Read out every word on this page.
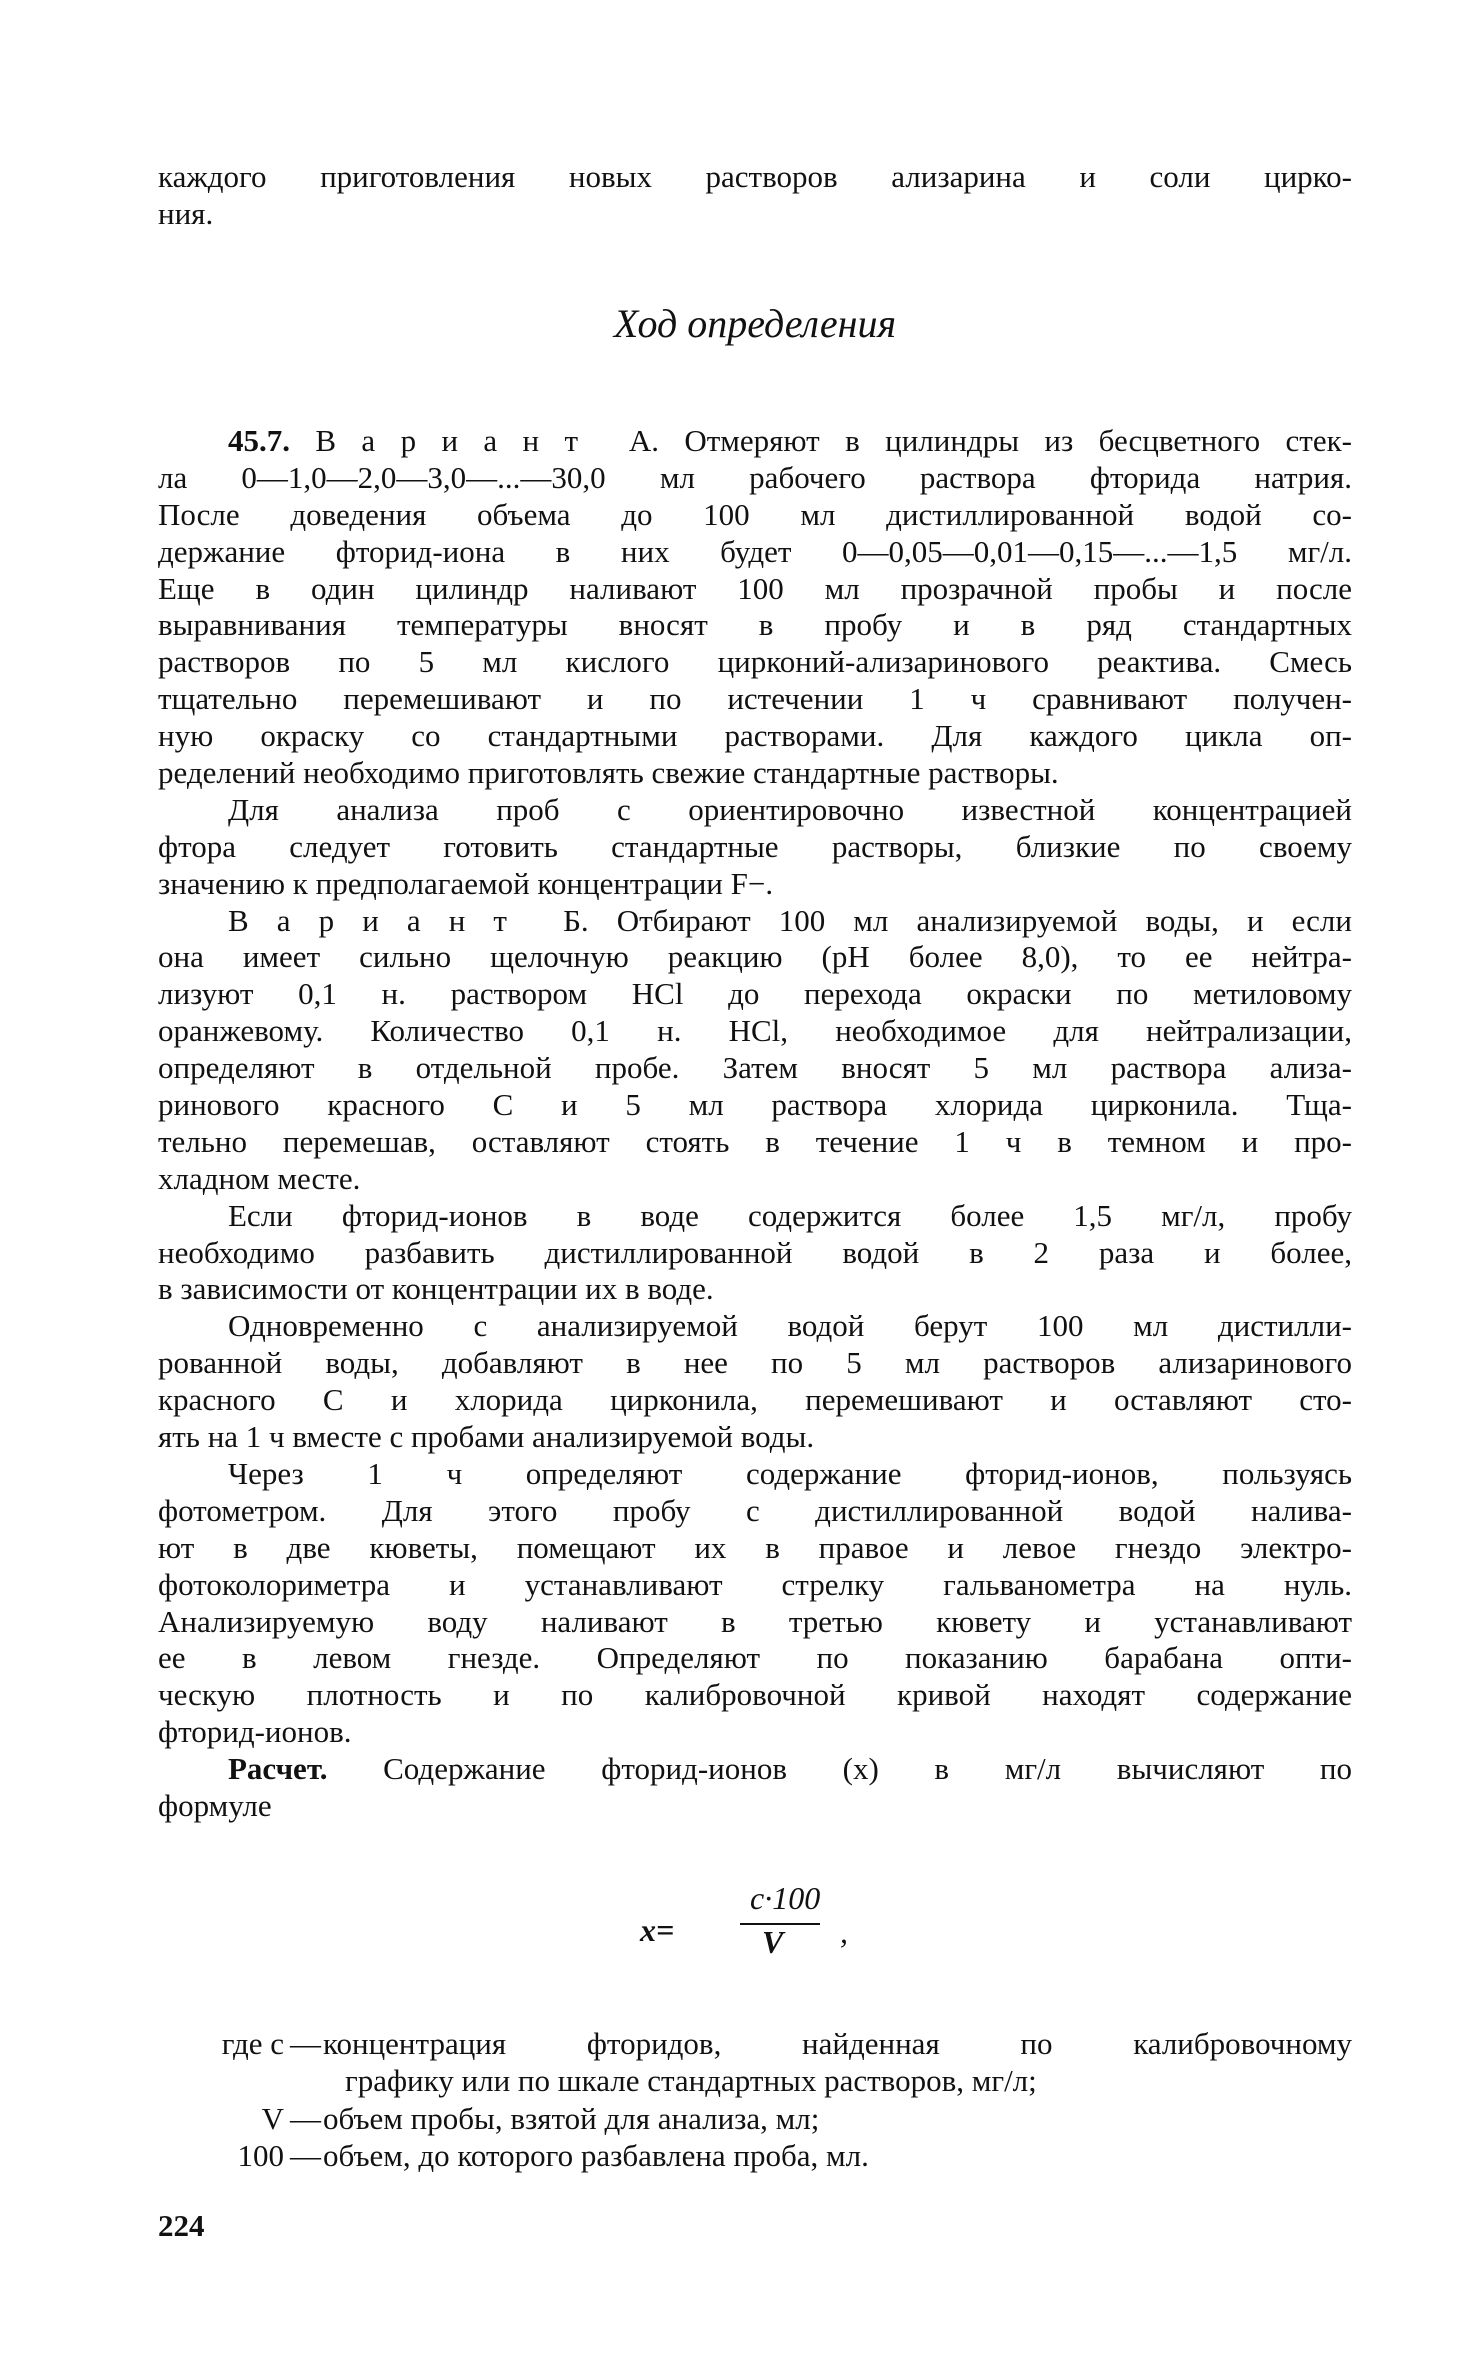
каждого приготовления новых растворов ализарина и соли цирко-
ния.
Ход определения
45.7. В а р и а н т  А. Отмеряют в цилиндры из бесцветного стек-
ла 0—1,0—2,0—3,0—...—30,0 мл рабочего раствора фторида натрия.
После доведения объема до 100 мл дистиллированной водой со-
держание фторид-иона в них будет 0—0,05—0,01—0,15—...—1,5 мг/л.
Еще в один цилиндр наливают 100 мл прозрачной пробы и после
выравнивания температуры вносят в пробу и в ряд стандартных
растворов по 5 мл кислого цирконий-ализаринового реактива. Смесь
тщательно перемешивают и по истечении 1 ч сравнивают получен-
ную окраску со стандартными растворами. Для каждого цикла оп-
ределений необходимо приготовлять свежие стандартные растворы.
Для анализа проб с ориентировочно известной концентрацией
фтора следует готовить стандартные растворы, близкие по своему
значению к предполагаемой концентрации F−.
В а р и а н т  Б. Отбирают 100 мл анализируемой воды, и если
она имеет сильно щелочную реакцию (pH более 8,0), то ее нейтра-
лизуют 0,1 н. раствором HCl до перехода окраски по метиловому
оранжевому. Количество 0,1 н. HCl, необходимое для нейтрализации,
определяют в отдельной пробе. Затем вносят 5 мл раствора ализа-
ринового красного С и 5 мл раствора хлорида цирконила. Тща-
тельно перемешав, оставляют стоять в течение 1 ч в темном и про-
хладном месте.
Если фторид-ионов в воде содержится более 1,5 мг/л, пробу
необходимо разбавить дистиллированной водой в 2 раза и более,
в зависимости от концентрации их в воде.
Одновременно с анализируемой водой берут 100 мл дистилли-
рованной воды, добавляют в нее по 5 мл растворов ализаринового
красного С и хлорида цирконила, перемешивают и оставляют сто-
ять на 1 ч вместе с пробами анализируемой воды.
Через 1 ч определяют содержание фторид-ионов, пользуясь
фотометром. Для этого пробу с дистиллированной водой налива-
ют в две кюветы, помещают их в правое и левое гнездо электро-
фотоколориметра и устанавливают стрелку гальванометра на нуль.
Анализируемую воду наливают в третью кювету и устанавливают
ее в левом гнезде. Определяют по показанию барабана опти-
ческую плотность и по калибровочной кривой находят содержание
фторид-ионов.
Расчет. Содержание фторид-ионов (x) в мг/л вычисляют по
формуле
x=
c·100
V ,
где c — концентрация фторидов, найденная по калибровочному
графику или по шкале стандартных растворов, мг/л;
V — объем пробы, взятой для анализа, мл;
100 — объем, до которого разбавлена проба, мл.
224
